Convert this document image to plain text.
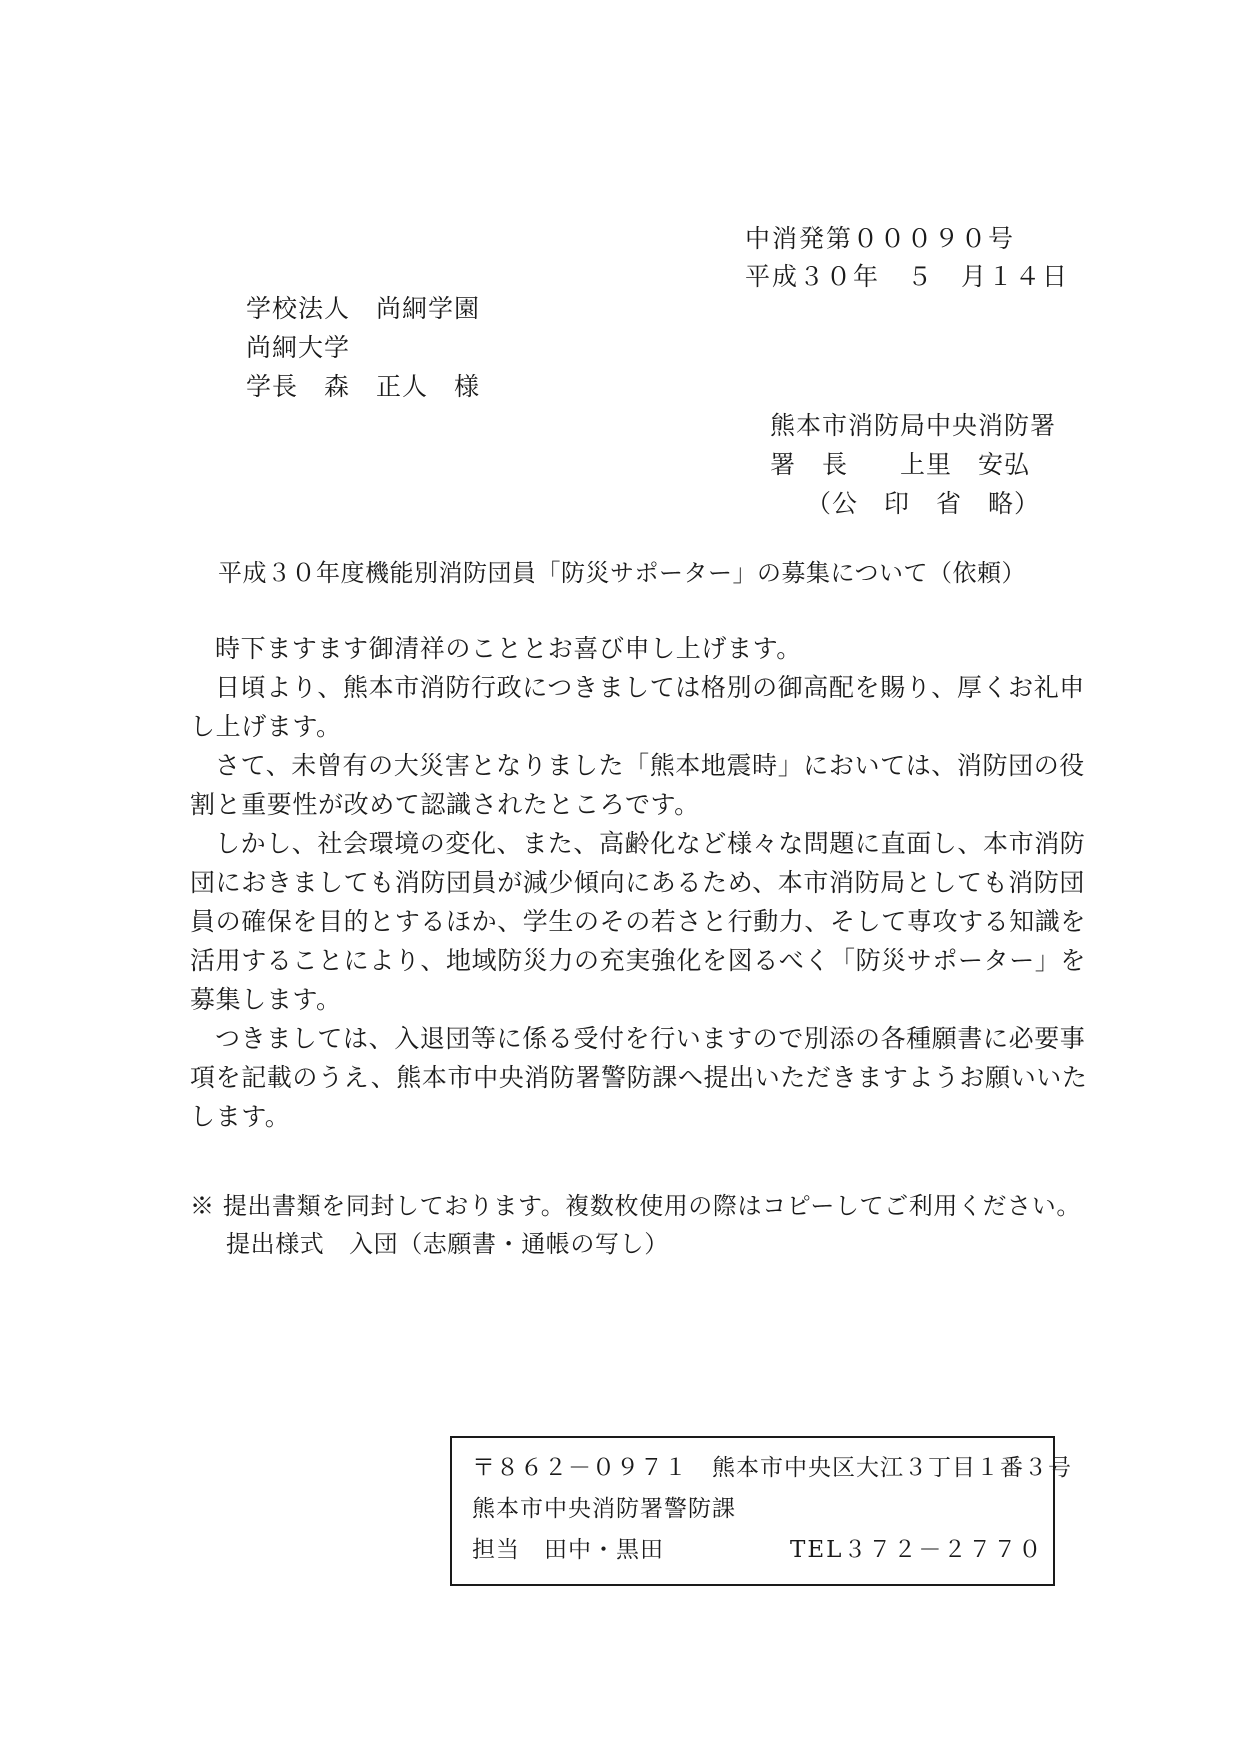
中消発第０００９０号
平成３０年　５　月１４日
学校法人　尚絅学園
尚絅大学
学長　森　正人　様
熊本市消防局中央消防署
署　長　　上里　安弘
（公　印　省　略）
平成３０年度機能別消防団員「防災サポーター」の募集について（依頼）
時下ますます御清祥のこととお喜び申し上げます。
日頃より、熊本市消防行政につきましては格別の御高配を賜り、厚くお礼申
し上げます。
さて、未曾有の大災害となりました「熊本地震時」においては、消防団の役
割と重要性が改めて認識されたところです。
しかし、社会環境の変化、また、高齢化など様々な問題に直面し、本市消防
団におきましても消防団員が減少傾向にあるため、本市消防局としても消防団
員の確保を目的とするほか、学生のその若さと行動力、そして専攻する知識を
活用することにより、地域防災力の充実強化を図るべく「防災サポーター」を
募集します。
つきましては、入退団等に係る受付を行いますので別添の各種願書に必要事
項を記載のうえ、熊本市中央消防署警防課へ提出いただきますようお願いいた
します。
※ 提出書類を同封しております。複数枚使用の際はコピーしてご利用ください。
提出様式　入団（志願書・通帳の写し）
〒８６２－０９７１　熊本市中央区大江３丁目１番３号
熊本市中央消防署警防課
担当　田中・黒田	TEL３７２－２７７０
